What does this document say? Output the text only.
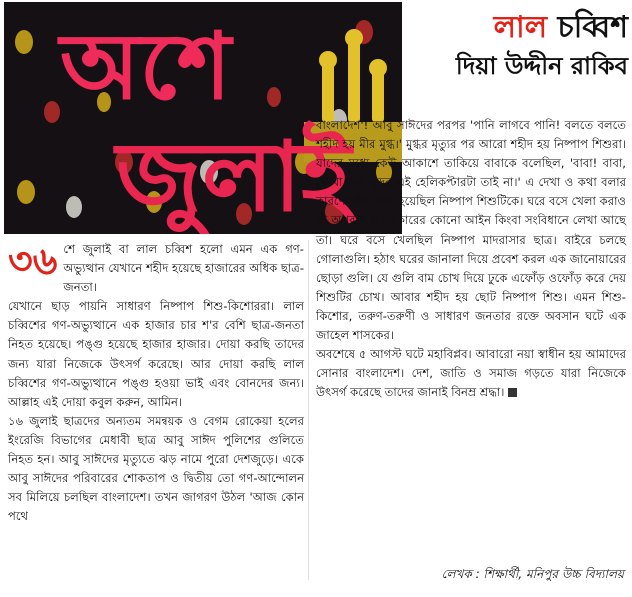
অশে
জুলাই
লাল চব্বিশ
দিয়া উদ্দীন রাকিব

৩৬ শে জুলাই বা লাল চব্বিশ হলো এমন এক গণ-অভ্যুত্থান যেখানে শহীদ হয়েছে হাজারের অধিক ছাত্র-জনতা।

যেখানে ছাড় পায়নি সাধারণ নিষ্পাপ শিশু-কিশোররা। লাল চব্বিশের গণ-অভ্যুত্থানে এক হাজার চার শ'র বেশি ছাত্র-জনতা নিহত হয়েছে। পঙ্গু হয়েছে হাজার হাজার। দোয়া করছি তাদের জন্য যারা নিজেকে উৎসর্গ করেছে। আর দোয়া করছি লাল চব্বিশের গণ-অভ্যুত্থানে পঙ্গু হওয়া ভাই এবং বোনদের জন্য। আল্লাহ এই দোয়া কবুল করুন, আমিন।

১৬ জুলাই ছাত্রদের অন্যতম সমন্বয়ক ও বেগম রোকেয়া হলের ইংরেজি বিভাগের মেধাবী ছাত্র আবু সাঈদ পুলিশের গুলিতে নিহত হন। আবু সাঈদের মৃত্যুতে ঝড় নামে পুরো দেশজুড়ে। একে আবু সাঈদের পরিবারের শোকতাপ ও দ্বিতীয় তো গণ-আন্দোলন সব মিলিয়ে চলছিল বাংলাদেশ। তখন জাগরণ উঠল 'আজ কোন পথে

বাংলাদেশ'! আবু সাঈদের পরপর 'পানি লাগবে পানি! বলতে বলতে শহীদ হয় মীর মুগ্ধ।' মুগ্ধর মৃত্যুর পর আরো শহীদ হয় নিষ্পাপ শিশুরা। যাদের মধ্যে কেউ আকাশে তাকিয়ে বাবাকে বলেছিল, 'বাবা! বাবা, দেখো কত সুন্দর এই হেলিকপ্টারটা তাই না।' এ দেখা ও কথা বলার কারণে শহীদ হতে হয়েছিল নিষ্পাপ শিশুটিকে। ঘরে বসে খেলা করাও কী অপরাধ বা সরকারের কোনো আইন কিংবা সংবিধানে লেখা আছে তা। ঘরে বসে খেলছিল নিষ্পাপ মাদরাসার ছাত্র। বাইরে চলছে গোলাগুলি। হঠাৎ ঘরের জানালা দিয়ে প্রবেশ করল এক জানোয়ারের ছোড়া গুলি। যে গুলি বাম চোখ দিয়ে ঢুকে এফোঁড় ওফোঁড় করে দেয় শিশুটির চোখ। আবার শহীদ হয় ছোট নিষ্পাপ শিশু। এমন শিশু-কিশোর, তরুণ-তরুণী ও সাধারণ জনতার রক্তে অবসান ঘটে এক জাহেল শাসকের।

অবশেষে ৫ আগস্ট ঘটে মহাবিপ্লব। আবারো নয়া স্বাধীন হয় আমাদের সোনার বাংলাদেশ। দেশ, জাতি ও সমাজ গড়তে যারা নিজেকে উৎসর্গ করেছে তাদের জানাই বিনম্র শ্রদ্ধা।

লেখক : শিক্ষার্থী, মনিপুর উচ্চ বিদ্যালয়
